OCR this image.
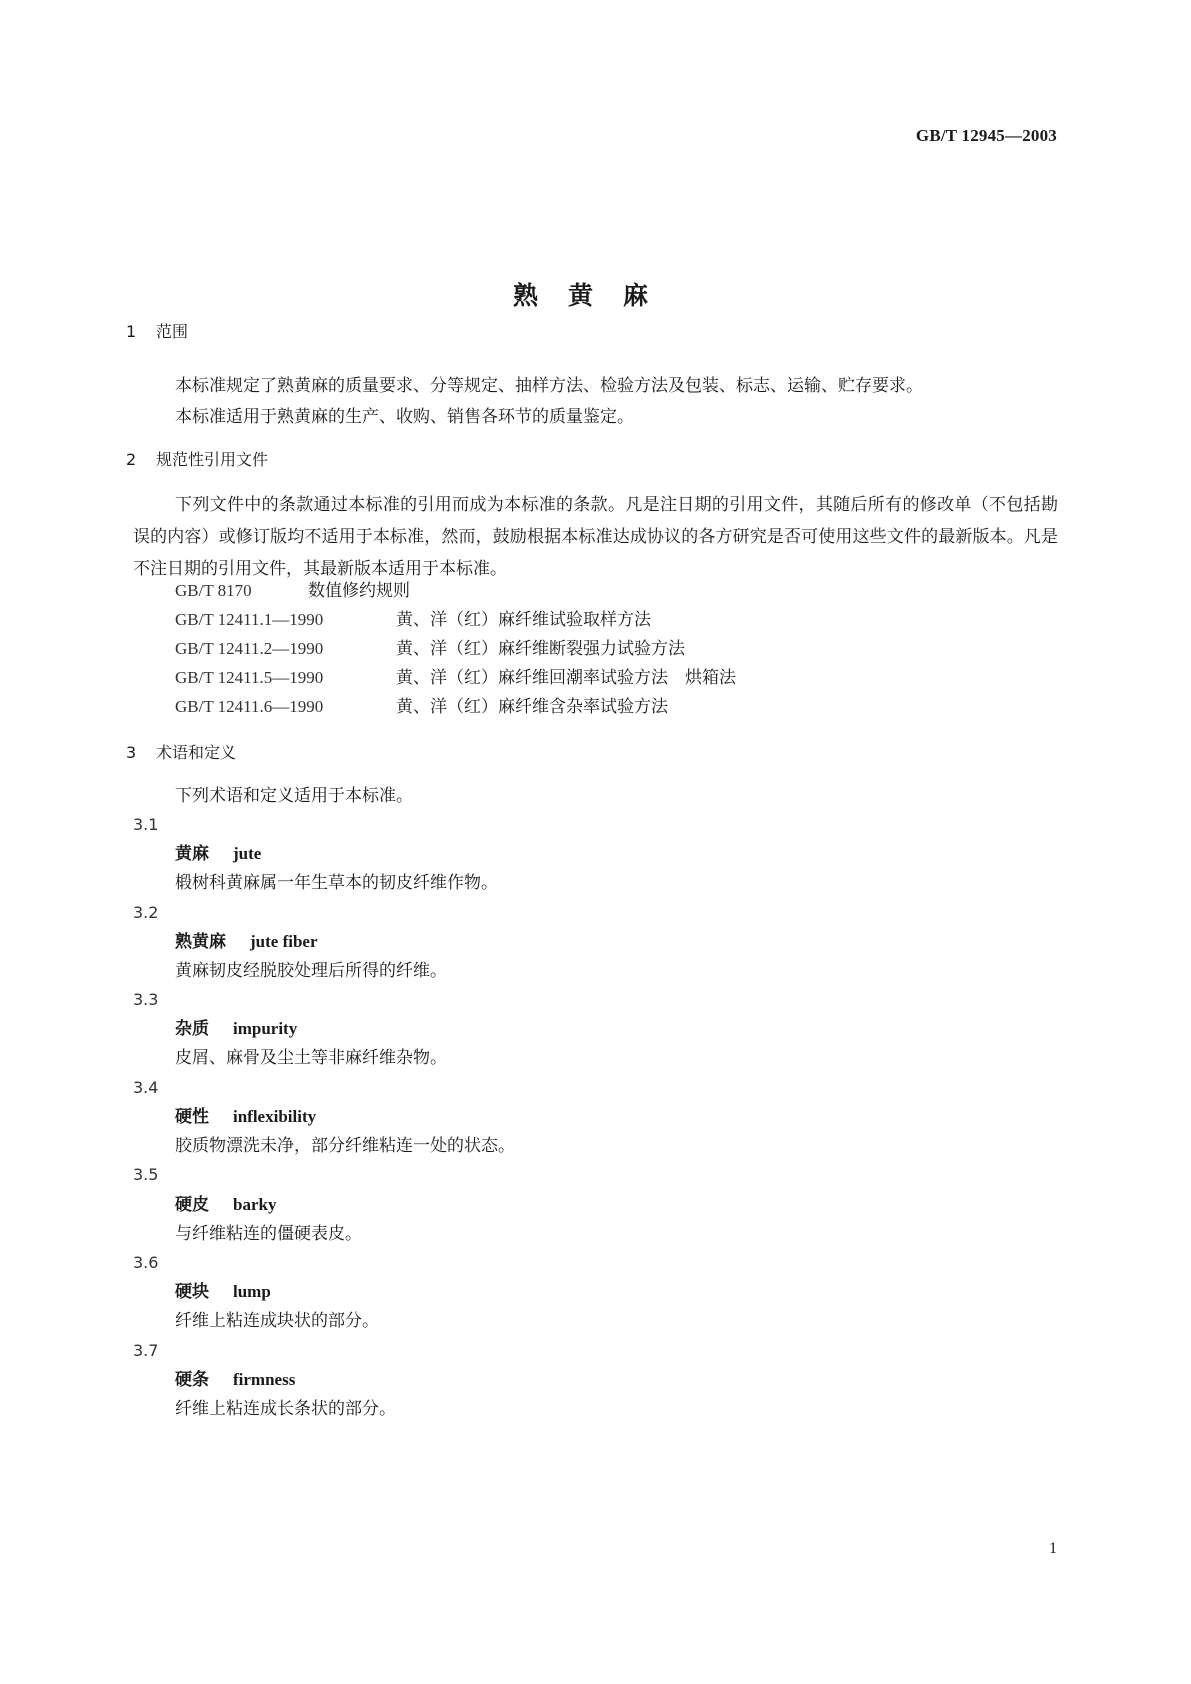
GB/T 12945—2003
熟黄麻
1 范围
本标准规定了熟黄麻的质量要求、分等规定、抽样方法、检验方法及包装、标志、运输、贮存要求。
本标准适用于熟黄麻的生产、收购、销售各环节的质量鉴定。
2 规范性引用文件
下列文件中的条款通过本标准的引用而成为本标准的条款。凡是注日期的引用文件，其随后所有的修改单（不包括勘误的内容）或修订版均不适用于本标准，然而，鼓励根据本标准达成协议的各方研究是否可使用这些文件的最新版本。凡是不注日期的引用文件，其最新版本适用于本标准。
GB/T 8170	数值修约规则
GB/T 12411.1—1990	黄、洋（红）麻纤维试验取样方法
GB/T 12411.2—1990	黄、洋（红）麻纤维断裂强力试验方法
GB/T 12411.5—1990	黄、洋（红）麻纤维回潮率试验方法　烘箱法
GB/T 12411.6—1990	黄、洋（红）麻纤维含杂率试验方法
3 术语和定义
下列术语和定义适用于本标准。
3.1
黄麻 jute
椴树科黄麻属一年生草本的韧皮纤维作物。
3.2
熟黄麻 jute fiber
黄麻韧皮经脱胶处理后所得的纤维。
3.3
杂质 impurity
皮屑、麻骨及尘土等非麻纤维杂物。
3.4
硬性 inflexibility
胶质物漂洗未净，部分纤维粘连一处的状态。
3.5
硬皮 barky
与纤维粘连的僵硬表皮。
3.6
硬块 lump
纤维上粘连成块状的部分。
3.7
硬条 firmness
纤维上粘连成长条状的部分。
1
